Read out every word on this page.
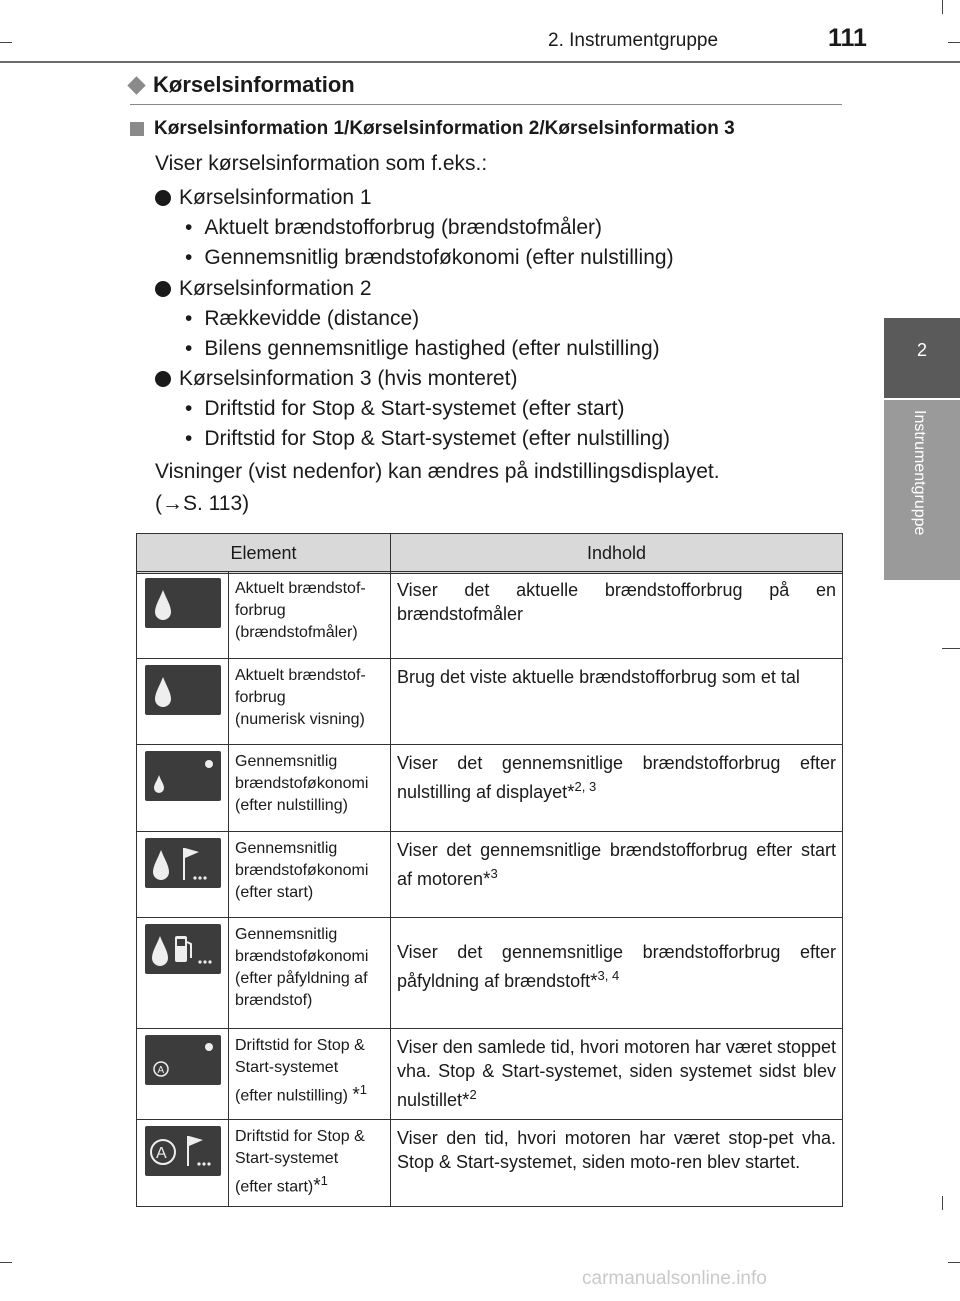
2. Instrumentgruppe	111
2
Instrumentgruppe
Kørselsinformation
Kørselsinformation 1/Kørselsinformation 2/Kørselsinformation 3
Viser kørselsinformation som f.eks.:
Kørselsinformation 1
• Aktuelt brændstofforbrug (brændstofmåler)
• Gennemsnitlig brændstoføkonomi (efter nulstilling)
Kørselsinformation 2
• Rækkevidde (distance)
• Bilens gennemsnitlige hastighed (efter nulstilling)
Kørselsinformation 3 (hvis monteret)
• Driftstid for Stop & Start-systemet (efter start)
• Driftstid for Stop & Start-systemet (efter nulstilling)
Visninger (vist nedenfor) kan ændres på indstillingsdisplayet.
(→S. 113)
Element	Indhold
	Aktuelt brændstof-
forbrug
(brændstofmåler)	Viser det aktuelle brændstofforbrug på en brændstofmåler

	Aktuelt brændstof-
forbrug
(numerisk visning)	Brug det viste aktuelle brændstofforbrug som et tal

	Gennemsnitlig
brændstoføkonomi
(efter nulstilling)	Viser det gennemsnitlige brændstofforbrug efter nulstilling af displayet*$^{2, 3}$

	Gennemsnitlig
brændstoføkonomi
(efter start)	Viser det gennemsnitlige brændstofforbrug efter start af motoren*$^3$

	Gennemsnitlig
brændstoføkonomi
(efter påfyldning af
brændstof)	Viser det gennemsnitlige brændstofforbrug efter påfyldning af brændstoft*$^{3, 4}$

A	Driftstid for Stop &
Start-systemet
(efter nulstilling) *$^1$	Viser den samlede tid, hvori motoren har været stoppet vha. Stop & Start-systemet, siden systemet sidst blev nulstillet*$^2$

A	Driftstid for Stop &
Start-systemet
(efter start)*$^1$	Viser den tid, hvori motoren har været stop-pet vha. Stop & Start-systemet, siden moto-ren blev startet.
carmanualsonline.info
